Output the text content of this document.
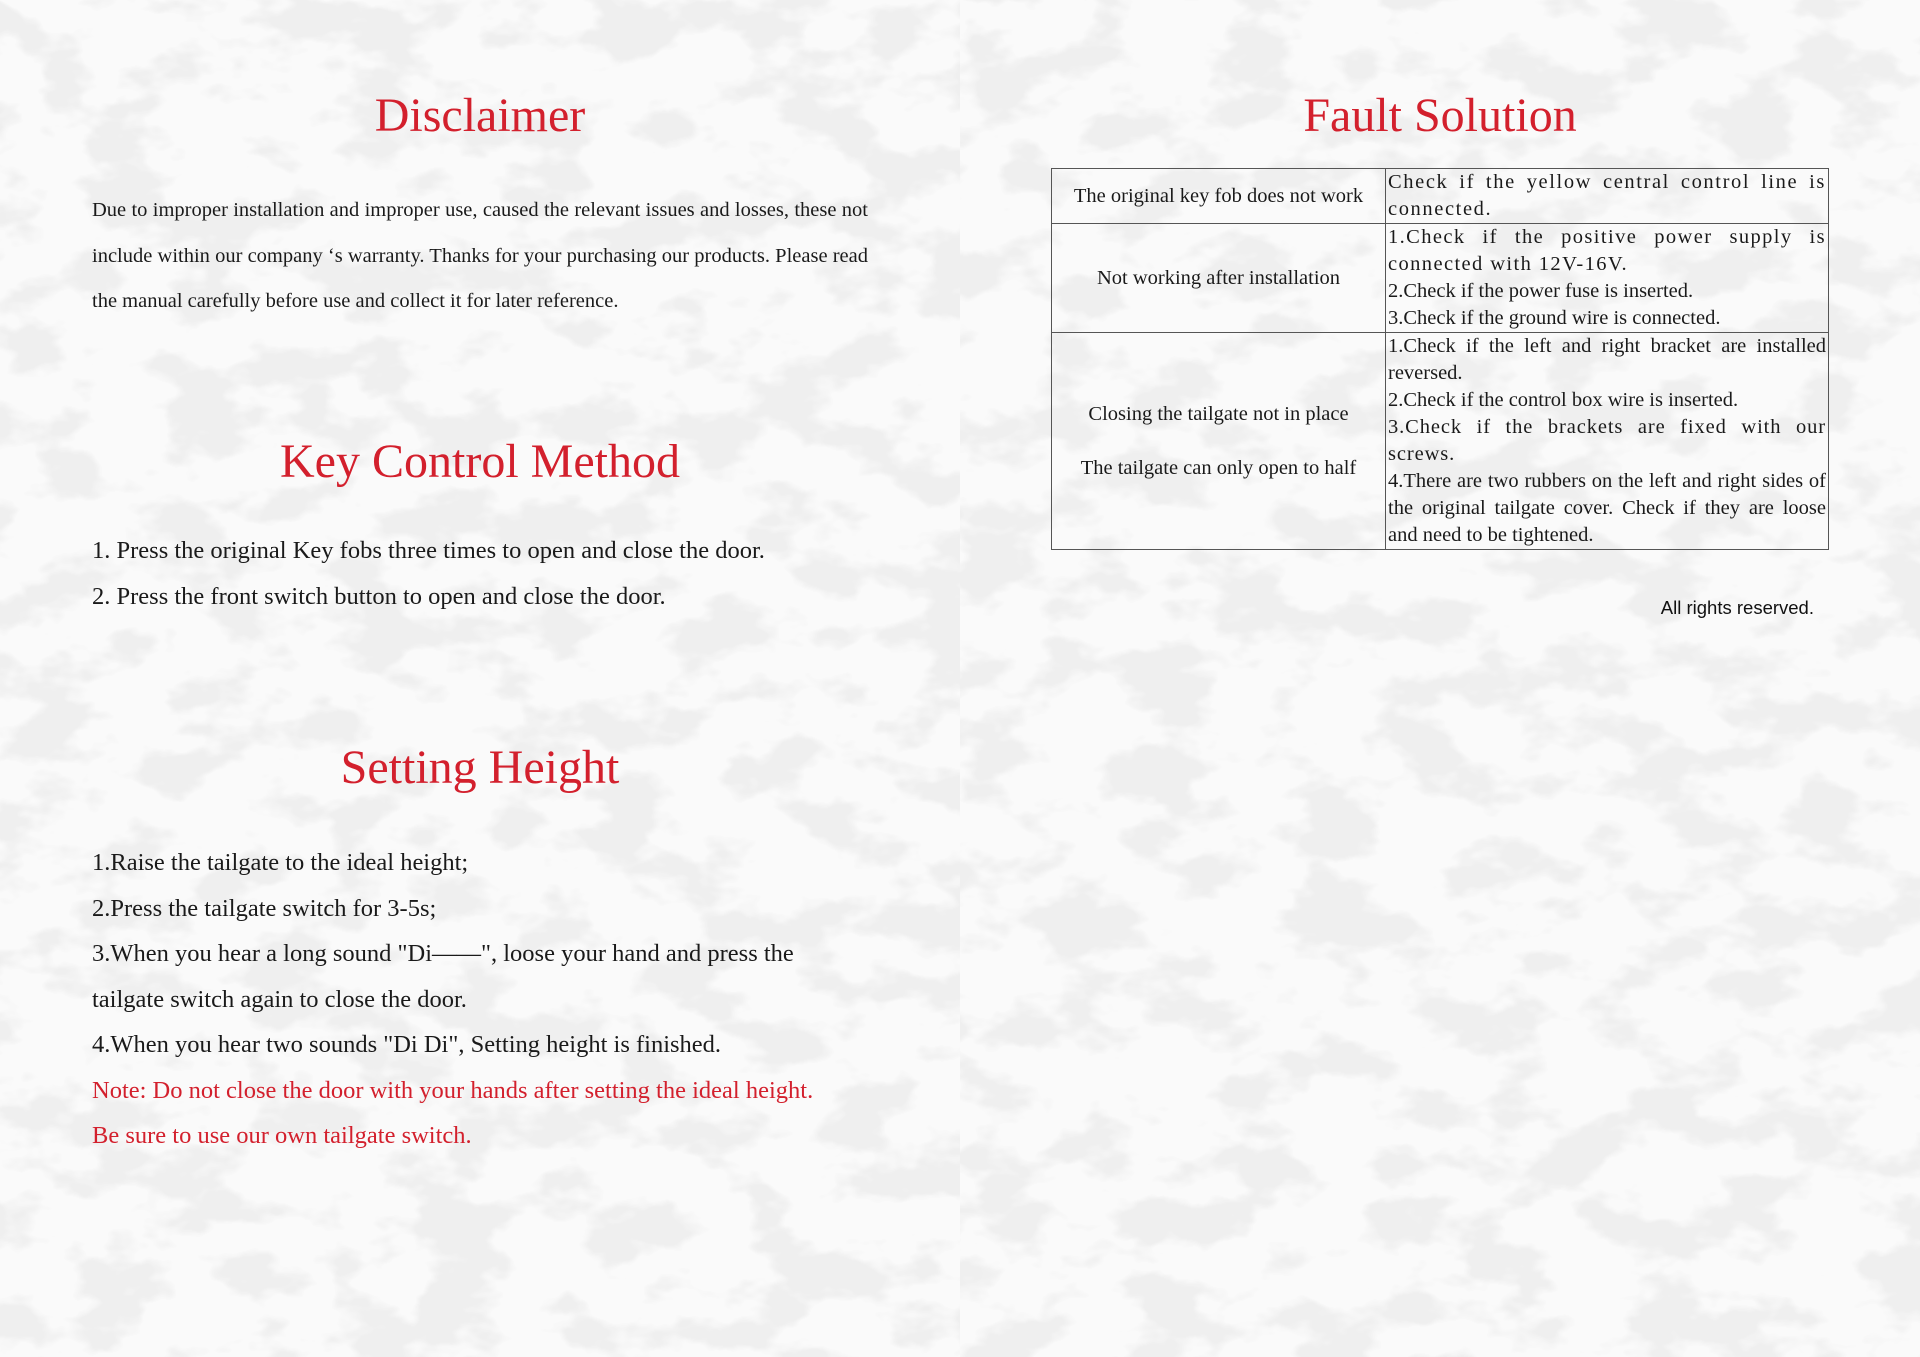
Disclaimer

Due to improper installation and improper use, caused the relevant issues and losses, these not include within our company ‘s warranty. Thanks for your purchasing our products. Please read the manual carefully before use and collect it for later reference.

Key Control Method
1. Press the original Key fobs three times to open and close the door.
2. Press the front switch button to open and close the door.
Setting Height
1.Raise the tailgate to the ideal height;
2.Press the tailgate switch for 3-5s;
3.When you hear a long sound "Di——", loose your hand and press the
tailgate switch again to close the door.
4.When you hear two sounds "Di Di", Setting height is finished.
Note: Do not close the door with your hands after setting the ideal height.
Be sure to use our own tailgate switch.
Fault Solution
The original key fob does not work	Check if the yellow central control line is connected.

Not working after installation	1.Check if the positive power supply is connected with 12V-16V.
2.Check if the power fuse is inserted.
3.Check if the ground wire is connected.

Closing the tailgate not in place
The tailgate can only open to half	1.Check if the left and right bracket are installed reversed.
2.Check if the control box wire is inserted.
3.Check if the brackets are fixed with our screws.
4.There are two rubbers on the left and right sides of the original tailgate cover. Check if they are loose and need to be tightened.
All rights reserved.
